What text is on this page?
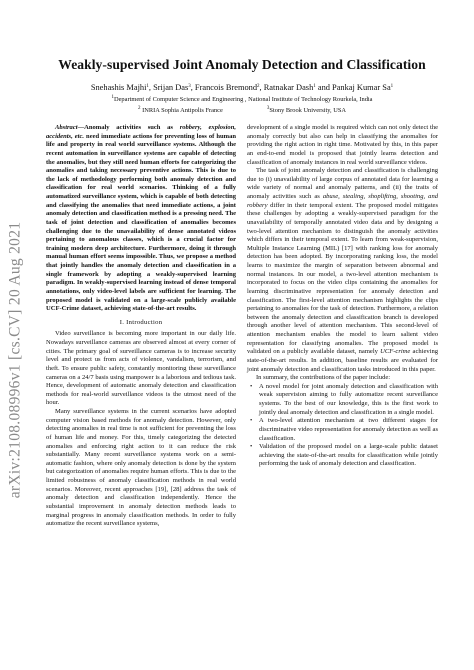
arXiv:2108.08996v1 [cs.CV] 20 Aug 2021
Weakly-supervised Joint Anomaly Detection and Classification
Snehashis Majhi$^1$, Srijan Das$^3$, Francois Bremond$^2$, Ratnakar Dash$^1$ and Pankaj Kumar Sa$^1$
$^1$Department of Computer Science and Engineering , National Institute of Technology Rourkela, India
$^2$ INRIA Sophia Antipolis France	$^3$Stony Brook University, USA

Abstract—Anomaly activities such as robbery, explosion, accidents, etc. need immediate actions for preventing loss of human life and property in real world surveillance systems. Although the recent automation in surveillance systems are capable of detecting the anomalies, but they still need human efforts for categorizing the anomalies and taking necessary preventive actions. This is due to the lack of methodology performing both anomaly detection and classification for real world scenarios. Thinking of a fully automatized surveillance system, which is capable of both detecting and classifying the anomalies that need immediate actions, a joint anomaly detection and classification method is a pressing need. The task of joint detection and classification of anomalies becomes challenging due to the unavailability of dense annotated videos pertaining to anomalous classes, which is a crucial factor for training modern deep architecture. Furthermore, doing it through manual human effort seems impossible. Thus, we propose a method that jointly handles the anomaly detection and classification in a single framework by adopting a weakly-supervised learning paradigm. In weakly-supervised learning instead of dense temporal annotations, only video-level labels are sufficient for learning. The proposed model is validated on a large-scale publicly available UCF-Crime dataset, achieving state-of-the-art results.

I. Introduction

Video surveillance is becoming more important in our daily life. Nowadays surveillance cameras are observed almost at every corner of cities. The primary goal of surveillance cameras is to increase security level and protect us from acts of violence, vandalism, terrorism, and theft. To ensure public safety, constantly monitoring these surveillance cameras on a 24/7 basis using manpower is a laborious and tedious task. Hence, development of automatic anomaly detection and classification methods for real-world surveillance videos is the utmost need of the hour.

Many surveillance systems in the current scenarios have adopted computer vision based methods for anomaly detection. However, only detecting anomalies in real time is not sufficient for preventing the loss of human life and money. For this, timely categorizing the detected anomalies and enforcing right action to it can reduce the risk substantially. Many recent surveillance systems work on a semi-automatic fashion, where only anomaly detection is done by the system but categorization of anomalies require human efforts. This is due to the limited robustness of anomaly classification methods in real world scenarios. Moreover, recent approaches [19], [28] address the task of anomaly detection and classification independently. Hence the substantial improvement in anomaly detection methods leads to marginal progress in anomaly classification methods. In order to fully automatize the recent surveillance systems,

development of a single model is required which can not only detect the anomaly correctly but also can help in classifying the anomalies for providing the right action in right time. Motivated by this, in this paper an end-to-end model is proposed that jointly learns detection and classification of anomaly instances in real world surveillance videos.

The task of joint anomaly detection and classification is challenging due to (i) unavailability of large corpus of annotated data for learning a wide variety of normal and anomaly patterns, and (ii) the traits of anomaly activities such as abuse, stealing, shoplifting, shooting, and robbery differ in their temporal extent. The proposed model mitigates these challenges by adopting a weakly-supervised paradigm for the unavailability of temporally annotated video data and by designing a two-level attention mechanism to distinguish the anomaly activities which differs in their temporal extent. To learn from weak-supervision, Multiple Instance Learning (MIL) [17] with ranking loss for anomaly detection has been adopted. By incorporating ranking loss, the model learns to maximize the margin of separation between abnormal and normal instances. In our model, a two-level attention mechanism is incorporated to focus on the video clips containing the anomalies for learning discriminative representation for anomaly detection and classification. The first-level attention mechanism highlights the clips pertaining to anomalies for the task of detection. Furthermore, a relation between the anomaly detection and classification branch is developed through another level of attention mechanism. This second-level of attention mechanism enables the model to learn salient video representation for classifying anomalies. The proposed model is validated on a publicly available dataset, namely UCF-crime achieving state-of-the-art results. In addition, baseline results are evaluated for joint anomaly detection and classification tasks introduced in this paper.

In summary, the contributions of the paper include:

• A novel model for joint anomaly detection and classification with weak supervision aiming to fully automatize recent surveillance systems. To the best of our knowledge, this is the first work to jointly deal anomaly detection and classification in a single model.
• A two-level attention mechanism at two different stages for discriminative video representation for anomaly detection as well as classification.
• Validation of the proposed model on a large-scale public dataset achieving the state-of-the-art results for classification while jointly performing the task of anomaly detection and classification.
